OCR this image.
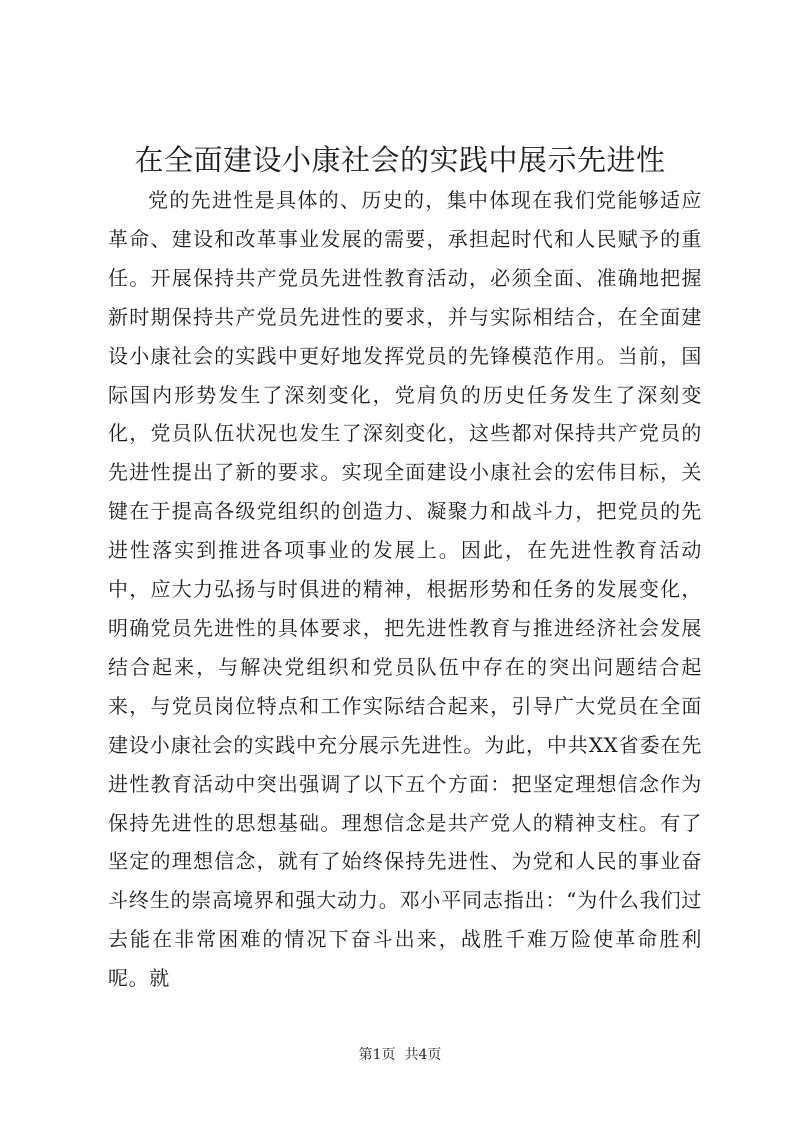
在全面建设小康社会的实践中展示先进性

党的先进性是具体的、历史的，集中体现在我们党能够适应革命、建设和改革事业发展的需要，承担起时代和人民赋予的重任。开展保持共产党员先进性教育活动，必须全面、准确地把握新时期保持共产党员先进性的要求，并与实际相结合，在全面建设小康社会的实践中更好地发挥党员的先锋模范作用。当前，国际国内形势发生了深刻变化，党肩负的历史任务发生了深刻变化，党员队伍状况也发生了深刻变化，这些都对保持共产党员的先进性提出了新的要求。实现全面建设小康社会的宏伟目标，关键在于提高各级党组织的创造力、凝聚力和战斗力，把党员的先进性落实到推进各项事业的发展上。因此，在先进性教育活动中，应大力弘扬与时俱进的精神，根据形势和任务的发展变化，明确党员先进性的具体要求，把先进性教育与推进经济社会发展结合起来，与解决党组织和党员队伍中存在的突出问题结合起来，与党员岗位特点和工作实际结合起来，引导广大党员在全面建设小康社会的实践中充分展示先进性。为此，中共XX省委在先进性教育活动中突出强调了以下五个方面：把坚定理想信念作为保持先进性的思想基础。理想信念是共产党人的精神支柱。有了坚定的理想信念，就有了始终保持先进性、为党和人民的事业奋斗终生的崇高境界和强大动力。邓小平同志指出：“为什么我们过去能在非常困难的情况下奋斗出来，战胜千难万险使革命胜利呢。就

第1页  共4页
